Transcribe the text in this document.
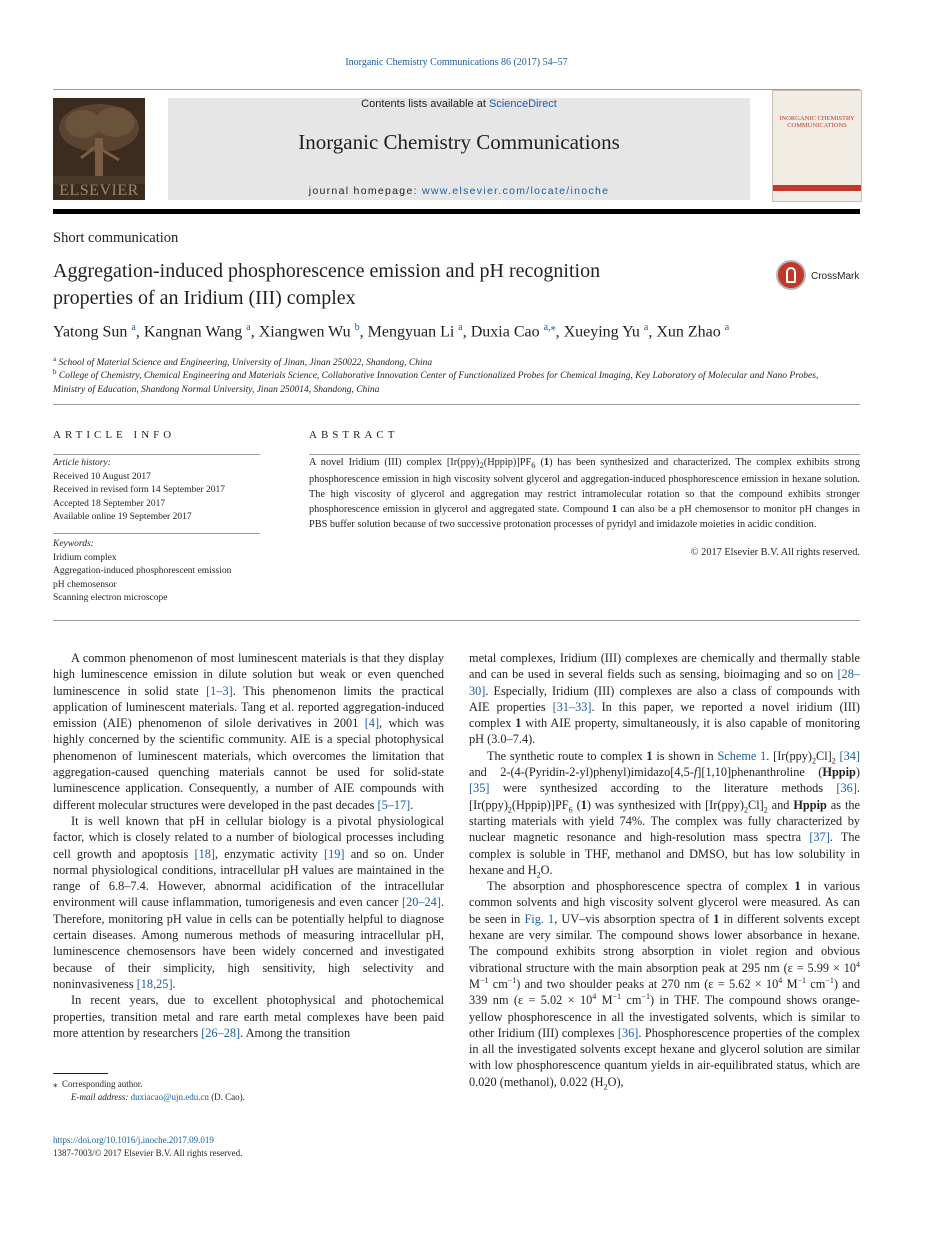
Inorganic Chemistry Communications 86 (2017) 54–57
ELSEVIER
Contents lists available at ScienceDirect
Inorganic Chemistry Communications
journal homepage: www.elsevier.com/locate/inoche
INORGANIC CHEMISTRY COMMUNICATIONS
Short communication
Aggregation-induced phosphorescence emission and pH recognition
properties of an Iridium (III) complex
CrossMark
Yatong Sun $^a$, Kangnan Wang $^a$, Xiangwen Wu $^b$, Mengyuan Li $^a$, Duxia Cao $^{a,⁎}$, Xueying Yu $^a$, Xun Zhao $^a$
$^a$ School of Material Science and Engineering, University of Jinan, Jinan 250022, Shandong, China
$^b$ College of Chemistry, Chemical Engineering and Materials Science, Collaborative Innovation Center of Functionalized Probes for Chemical Imaging, Key Laboratory of Molecular and Nano Probes,
Ministry of Education, Shandong Normal University, Jinan 250014, Shandong, China
ARTICLE INFO
Article history:
Received 10 August 2017
Received in revised form 14 September 2017
Accepted 18 September 2017
Available online 19 September 2017
Keywords:
Iridium complex
Aggregation-induced phosphorescent emission
pH chemosensor
Scanning electron microscope
ABSTRACT
A novel Iridium (III) complex $[Ir(ppy)_2(Hppip)]PF_6$ (1) has been synthesized and characterized. The complex exhibits strong phosphorescence emission in high viscosity solvent glycerol and aggregation-induced phosphorescence emission in hexane solution. The high viscosity of glycerol and aggregation may restrict intramolecular rotation so that the compound exhibits stronger phosphorescence emission in glycerol and aggregated state. Compound 1 can also be a pH chemosensor to monitor pH changes in PBS buffer solution because of two successive protonation processes of pyridyl and imidazole moieties in acidic condition.
© 2017 Elsevier B.V. All rights reserved.

A common phenomenon of most luminescent materials is that they display high luminescence emission in dilute solution but weak or even quenched luminescence in solid state [1–3]. This phenomenon limits the practical application of luminescent materials. Tang et al. reported aggregation-induced emission (AIE) phenomenon of silole derivatives in 2001 [4], which was highly concerned by the scientific community. AIE is a special photophysical phenomenon of luminescent materials, which overcomes the limitation that aggregation-caused quenching materials cannot be used for solid-state luminescence application. Consequently, a number of AIE compounds with different molecular structures were developed in the past decades [5–17].

It is well known that pH in cellular biology is a pivotal physiological factor, which is closely related to a number of biological processes including cell growth and apoptosis [18], enzymatic activity [19] and so on. Under normal physiological conditions, intracellular pH values are maintained in the range of 6.8–7.4. However, abnormal acidification of the intracellular environment will cause inflammation, tumorigenesis and even cancer [20–24]. Therefore, monitoring pH value in cells can be potentially helpful to diagnose certain diseases. Among numerous methods of measuring intracellular pH, luminescence chemosensors have been widely concerned and investigated because of their simplicity, high sensitivity, high selectivity and noninvasiveness [18,25].

In recent years, due to excellent photophysical and photochemical properties, transition metal and rare earth metal complexes have been paid more attention by researchers [26–28]. Among the transition

metal complexes, Iridium (III) complexes are chemically and thermally stable and can be used in several fields such as sensing, bioimaging and so on [28–30]. Especially, Iridium (III) complexes are also a class of compounds with AIE properties [31–33]. In this paper, we reported a novel iridium (III) complex 1 with AIE property, simultaneously, it is also capable of monitoring pH (3.0–7.4).

The synthetic route to complex 1 is shown in Scheme 1. $[Ir(ppy)_2Cl]_2$ [34] and 2-(4-(Pyridin-2-yl)phenyl)imidazo[4,5-f][1,10]phenanthroline (Hppip) [35] were synthesized according to the literature methods [36]. $[Ir(ppy)_2(Hppip)]PF_6$ (1) was synthesized with $[Ir(ppy)_2Cl]_2$ and Hppip as the starting materials with yield 74%. The complex was fully characterized by nuclear magnetic resonance and high-resolution mass spectra [37]. The complex is soluble in THF, methanol and DMSO, but has low solubility in hexane and $H_2O$.

The absorption and phosphorescence spectra of complex 1 in various common solvents and high viscosity solvent glycerol were measured. As can be seen in Fig. 1, UV–vis absorption spectra of 1 in different solvents except hexane are very similar. The compound shows lower absorbance in hexane. The compound exhibits strong absorption in violet region and obvious vibrational structure with the main absorption peak at 295 nm ($\varepsilon = 5.99 \times 10^4$ $M^{-1}$ $cm^{-1}$) and two shoulder peaks at 270 nm ($\varepsilon = 5.62 \times 10^4$ $M^{-1}$ $cm^{-1}$) and 339 nm ($\varepsilon = 5.02 \times 10^4$ $M^{-1}$ $cm^{-1}$) in THF. The compound shows orange-yellow phosphorescence in all the investigated solvents, which is similar to other Iridium (III) complexes [36]. Phosphorescence properties of the complex in all the investigated solvents except hexane and glycerol solution are similar with low phosphorescence quantum yields in air-equilibrated status, which are 0.020 (methanol), 0.022 $(H_2O)$,

⁎ Corresponding author.
E-mail address: duxiacao@ujn.edu.cn (D. Cao).
https://doi.org/10.1016/j.inoche.2017.09.019
1387-7003/© 2017 Elsevier B.V. All rights reserved.
